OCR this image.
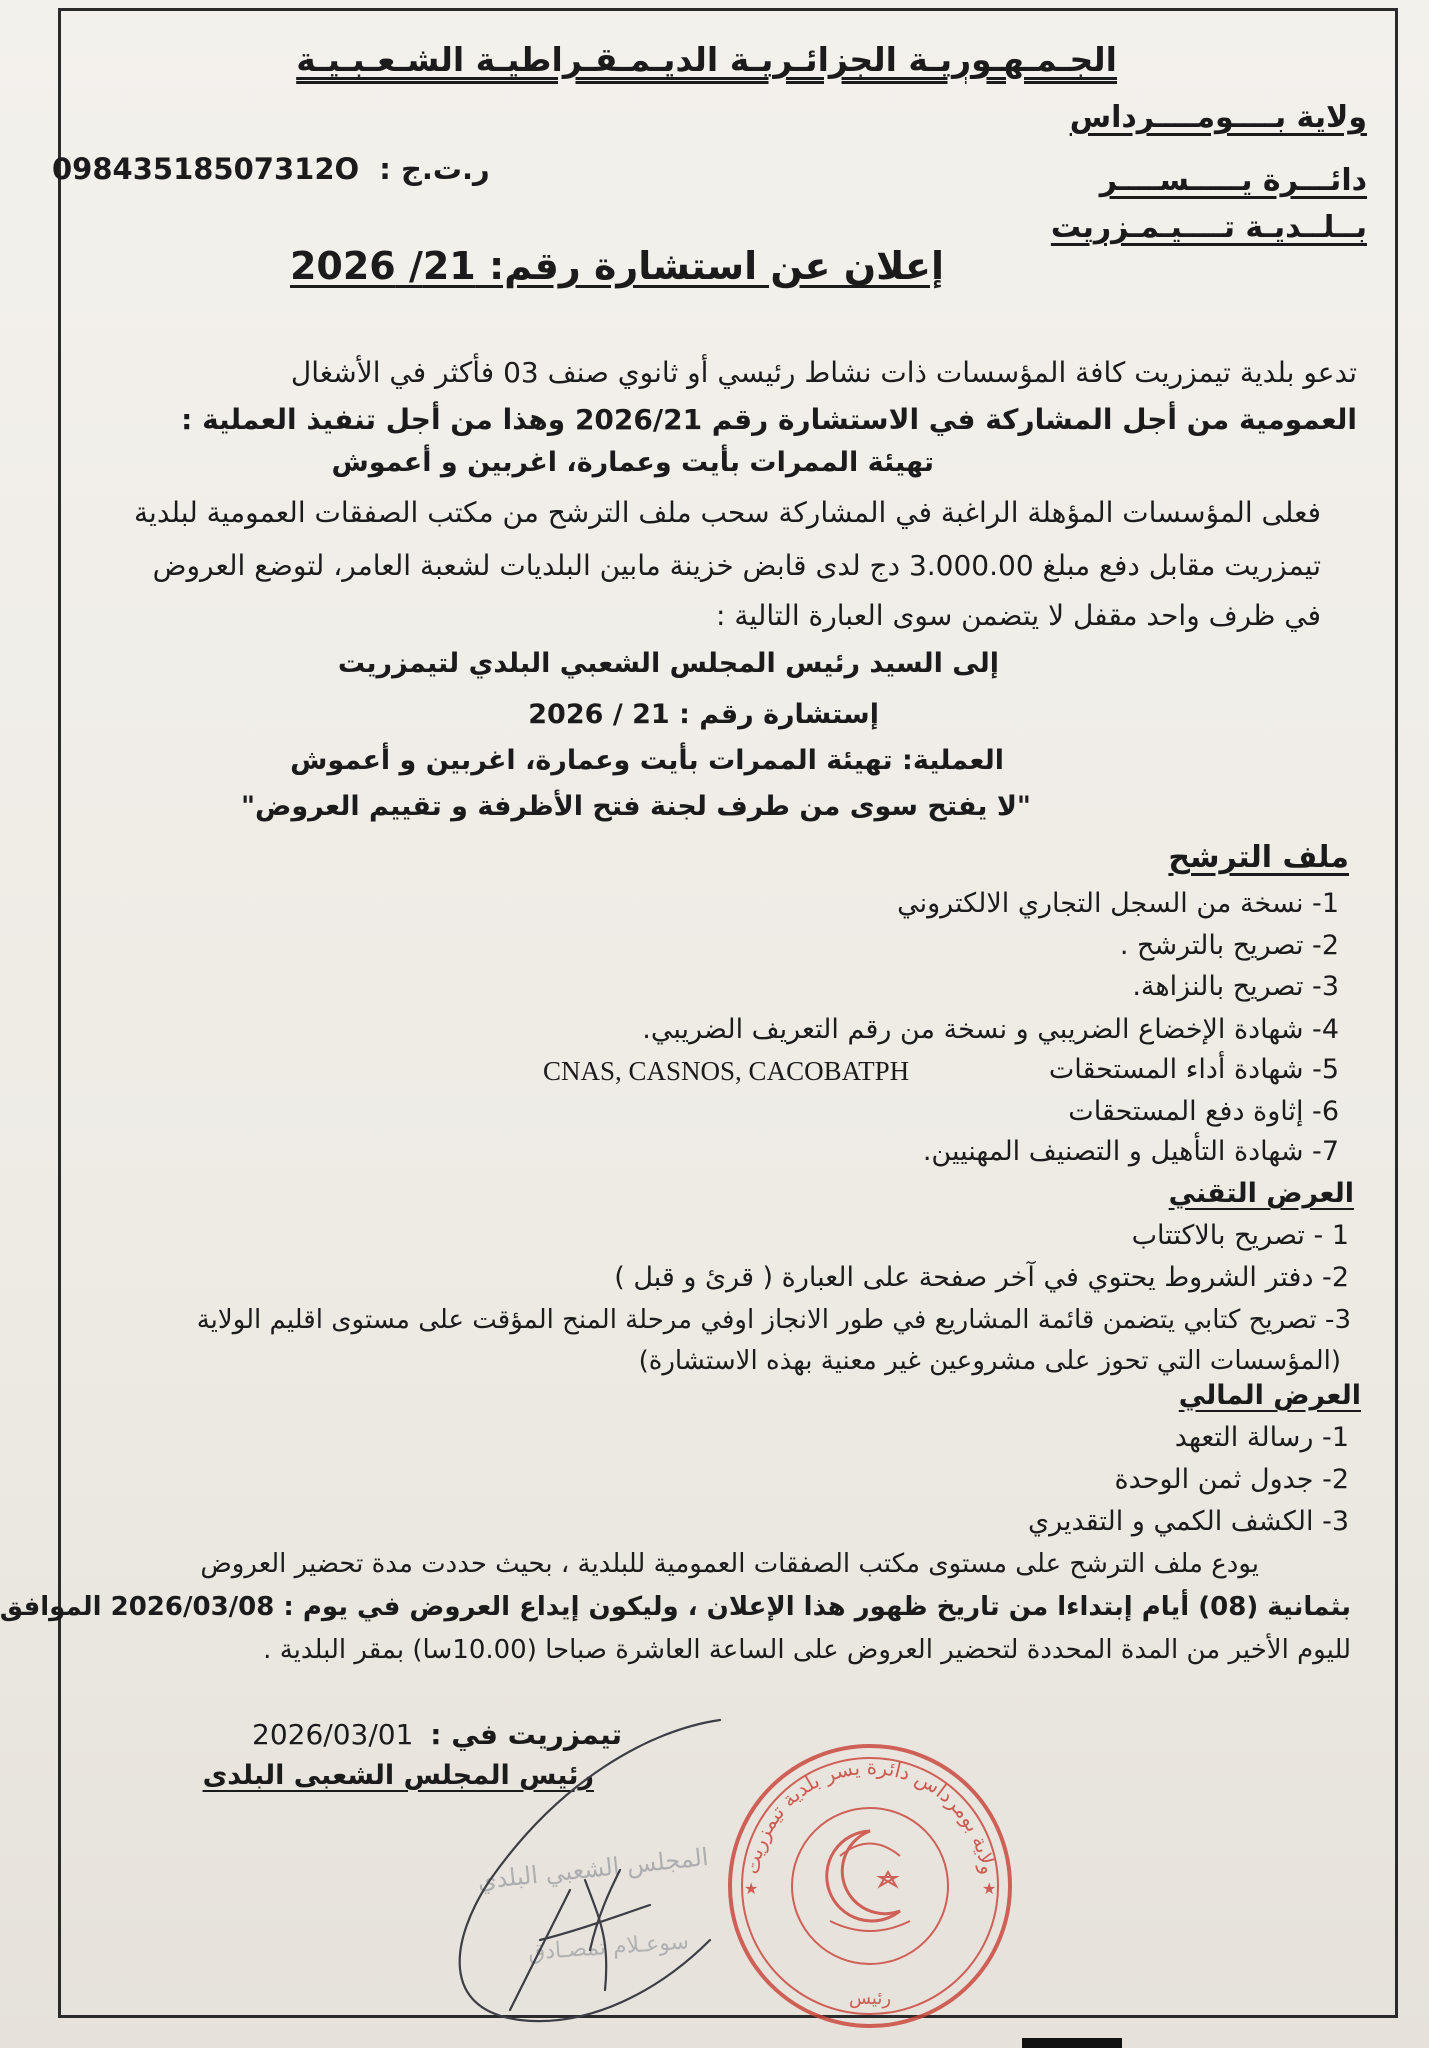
الجـمـهـوريـة الجزائـريـة الديـمـقـراطيـة الشـعـبـيـة
ولاية بــــومــــرداس
دائـــرة يـــــســــر
بــلــديـة تــــيـمـزريت
09843518507312O ر.ت.ج :
إعلان عن استشارة رقم: 21/ 2026
تدعو بلدية تيمزريت كافة المؤسسات ذات نشاط رئيسي أو ثانوي صنف 03 فأكثر في الأشغال
العمومية من أجل المشاركة في الاستشارة رقم 2026/21 وهذا من أجل تنفيذ العملية :
تهيئة الممرات بأيت وعمارة، اغربين و أعموش
فعلى المؤسسات المؤهلة الراغبة في المشاركة سحب ملف الترشح من مكتب الصفقات العمومية لبلدية
تيمزريت مقابل دفع مبلغ 3.000.00 دج لدى قابض خزينة مابين البلديات لشعبة العامر، لتوضع العروض
في ظرف واحد مقفل لا يتضمن سوى العبارة التالية :
إلى السيد رئيس المجلس الشعبي البلدي لتيمزريت
إستشارة رقم : 21 / 2026
العملية: تهيئة الممرات بأيت وعمارة، اغربين و أعموش
"لا يفتح سوى من طرف لجنة فتح الأظرفة و تقييم العروض"
ملف الترشح
1- نسخة من السجل التجاري الالكتروني
2- تصريح بالترشح .
3- تصريح بالنزاهة.
4- شهادة الإخضاع الضريبي و نسخة من رقم التعريف الضريبي.
5- شهادة أداء المستحقات
CNAS, CASNOS, CACOBATPH
6- إثاوة دفع المستحقات
7- شهادة التأهيل و التصنيف المهنيين.
العرض التقني
1 - تصريح بالاكتتاب
2- دفتر الشروط يحتوي في آخر صفحة على العبارة ( قرئ و قبل )
3- تصريح كتابي يتضمن قائمة المشاريع في طور الانجاز اوفي مرحلة المنح المؤقت على مستوى اقليم الولاية
(المؤسسات التي تحوز على مشروعين غير معنية بهذه الاستشارة)
العرض المالي
1- رسالة التعهد
2- جدول ثمن الوحدة
3- الكشف الكمي و التقديري
يودع ملف الترشح على مستوى مكتب الصفقات العمومية للبلدية ، بحيث حددت مدة تحضير العروض
بثمانية (08) أيام إبتداءا من تاريخ ظهور هذا الإعلان ، وليكون إيداع العروض في يوم : 2026/03/08 الموافق
لليوم الأخير من المدة المحددة لتحضير العروض على الساعة العاشرة صباحا (10.00سا) بمقر البلدية .
2026/03/01 تيمزريت في :
رئيس المجلس الشعبى البلدى
المجلس الشعبي البلدي
سوعـلام تمصـادق
ولاية بومرداس دائرة يسر بلدية تيمزريت
رئيس
★	★
